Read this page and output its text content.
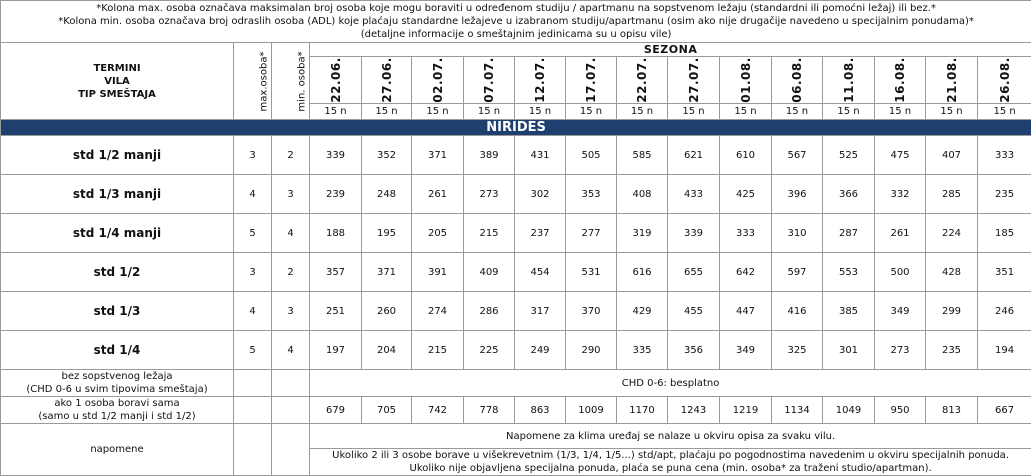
*Kolona max. osoba označava maksimalan broj osoba koje mogu boraviti u određenom studiju / apartmanu na sopstvenom ležaju (standardni ili pomoćni ležaj) ili bez.*
*Kolona min. osoba označava broj odraslih osoba (ADL) koje plaćaju standardne ležajeve u izabranom studiju/apartmanu (osim ako nije drugačije navedeno u specijalnim ponudama)*
(detaljne informacije o smeštajnim jedinicama su u opisu vile)																

TERMINI
VILA
TIP SMEŠTAJA	max.osoba*	min. osoba*	SEZONA													
			22.06.	27.06.	02.07.	07.07.	12.07.	17.07.	22.07.	27.07.	01.08.	06.08.	11.08.	16.08.	21.08.	26.08.
			15 n	15 n	15 n	15 n	15 n	15 n	15 n	15 n	15 n	15 n	15 n	15 n	15 n	15 n
NIRIDES																
std 1/2 manji	3	2	339	352	371	389	431	505	585	621	610	567	525	475	407	333
std 1/3 manji	4	3	239	248	261	273	302	353	408	433	425	396	366	332	285	235
std 1/4 manji	5	4	188	195	205	215	237	277	319	339	333	310	287	261	224	185
std 1/2	3	2	357	371	391	409	454	531	616	655	642	597	553	500	428	351
std 1/3	4	3	251	260	274	286	317	370	429	455	447	416	385	349	299	246
std 1/4	5	4	197	204	215	225	249	290	335	356	349	325	301	273	235	194

bez sopstvenog ležaja
(CHD 0-6 u svim tipovima smeštaja)			CHD 0-6: besplatno													

ako 1 osoba boravi sama
(samo u std 1/2 manji i std 1/2)			679	705	742	778	863	1009	1170	1243	1219	1134	1049	950	813	667
napomene			Napomene za klima uređaj se nalaze u okviru opisa za svaku vilu.													

			Ukoliko 2 ili 3 osobe borave u višekrevetnim (1/3, 1/4, 1/5...) std/apt, plaćaju po pogodnostima navedenim u okviru specijalnih ponuda.
Ukoliko nije objavljena specijalna ponuda, plaća se puna cena (min. osoba* za traženi studio/apartman).													
